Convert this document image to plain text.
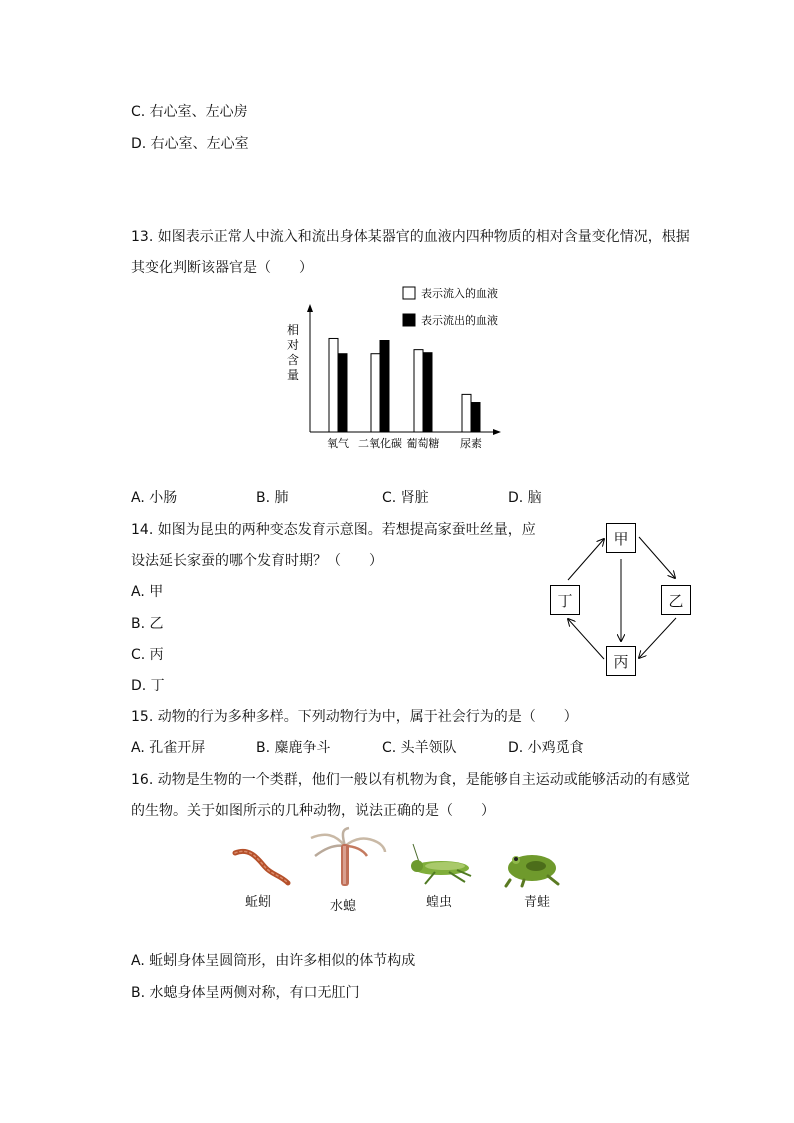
C. 右心室、左心房
D. 右心室、左心室
13. 如图表示正常人中流入和流出身体某器官的血液内四种物质的相对含量变化情况，根据
其变化判断该器官是（　　）
表示流入的血液
表示流出的血液
相
对
含
量
氧气 二氧化碳 葡萄糖 尿素
A. 小肠	B. 肺	C. 肾脏	D. 脑
14. 如图为昆虫的两种变态发育示意图。若想提高家蚕吐丝量，应
设法延长家蚕的哪个发育时期？（　　）
A. 甲
B. 乙
C. 丙
D. 丁
甲
乙
丙
丁
15. 动物的行为多种多样。下列动物行为中，属于社会行为的是（　　）
A. 孔雀开屏	B. 麋鹿争斗	C. 头羊领队	D. 小鸡觅食
16. 动物是生物的一个类群，他们一般以有机物为食，是能够自主运动或能够活动的有感觉
的生物。关于如图所示的几种动物，说法正确的是（　　）
蚯蚓	水螅	蝗虫	青蛙
A. 蚯蚓身体呈圆筒形，由许多相似的体节构成
B. 水螅身体呈两侧对称，有口无肛门
